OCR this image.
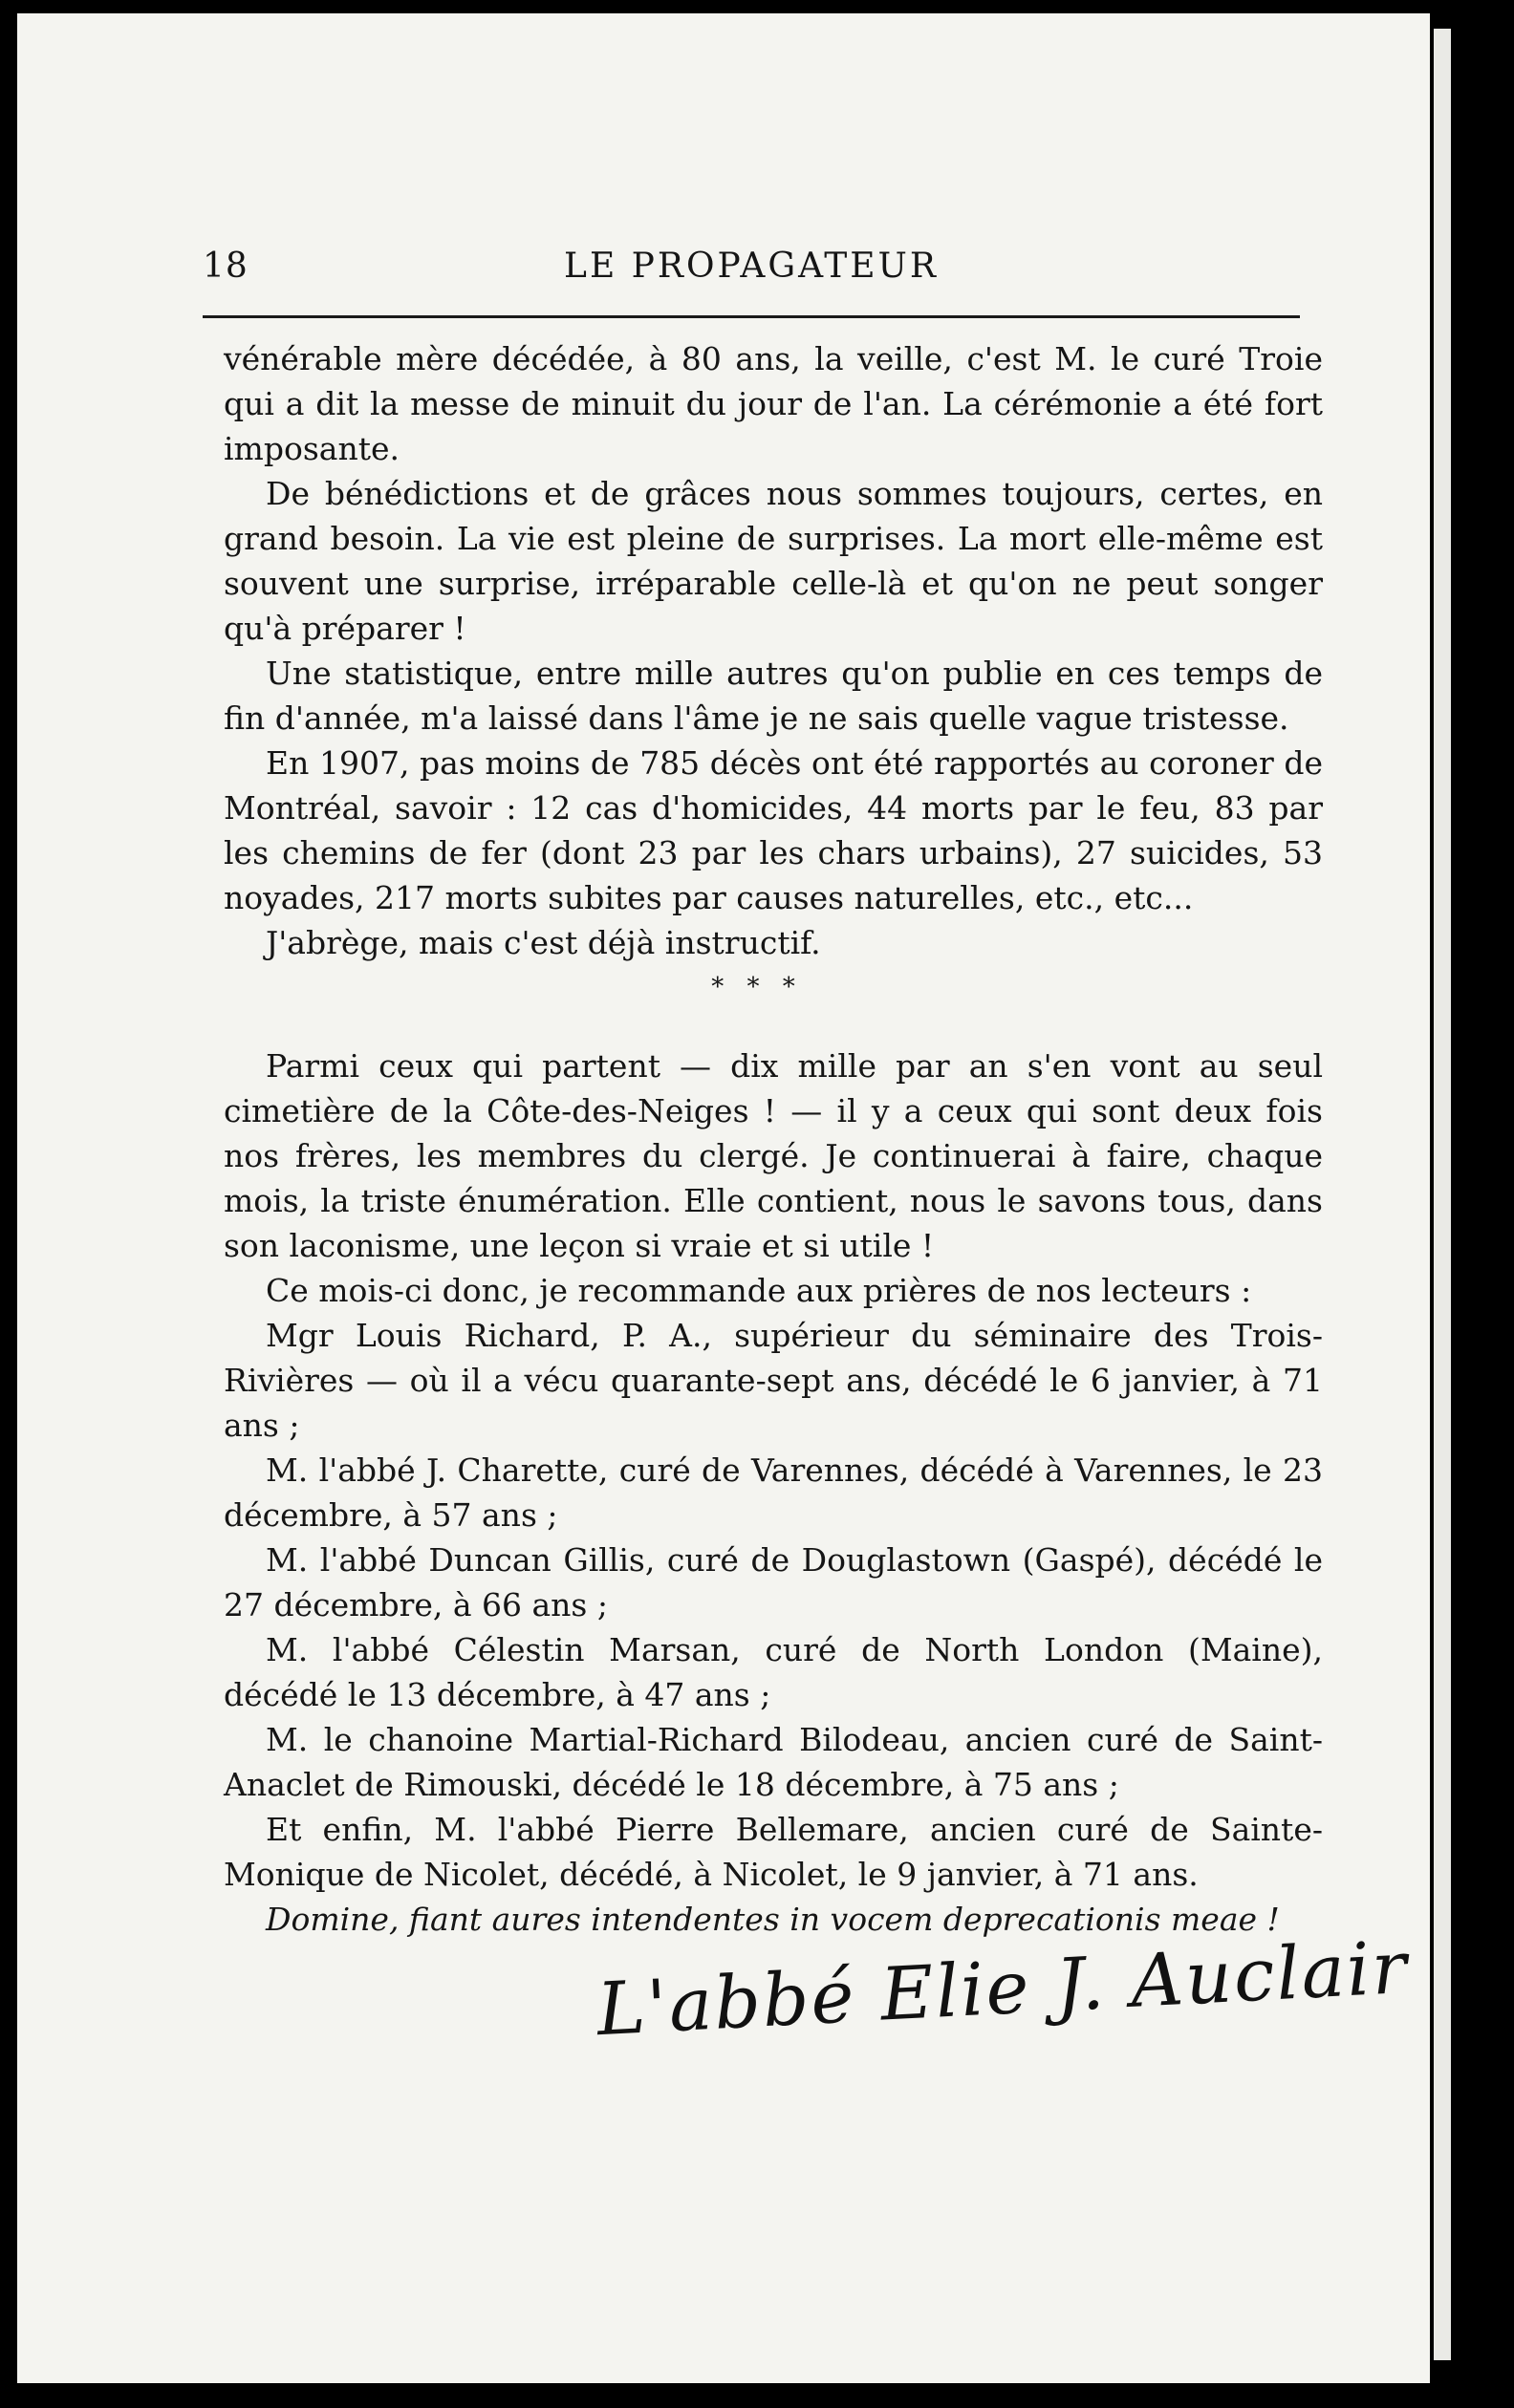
18	LE PROPAGATEUR

vénérable mère décédée, à 80 ans, la veille, c'est M. le curé Troie qui a dit la messe de minuit du jour de l'an. La cérémonie a été fort imposante.

De bénédictions et de grâces nous sommes toujours, certes, en grand besoin. La vie est pleine de surprises. La mort elle-même est souvent une surprise, irréparable celle-là et qu'on ne peut songer qu'à préparer !

Une statistique, entre mille autres qu'on publie en ces temps de fin d'année, m'a laissé dans l'âme je ne sais quelle vague tristesse.

En 1907, pas moins de 785 décès ont été rapportés au coroner de Montréal, savoir : 12 cas d'homicides, 44 morts par le feu, 83 par les chemins de fer (dont 23 par les chars urbains), 27 suicides, 53 noyades, 217 morts subites par causes naturelles, etc., etc...

J'abrège, mais c'est déjà instructif.

* * *

Parmi ceux qui partent — dix mille par an s'en vont au seul cimetière de la Côte-des-Neiges ! — il y a ceux qui sont deux fois nos frères, les membres du clergé. Je continuerai à faire, chaque mois, la triste énumération. Elle contient, nous le savons tous, dans son laconisme, une leçon si vraie et si utile !

Ce mois-ci donc, je recommande aux prières de nos lecteurs :

Mgr Louis Richard, P. A., supérieur du séminaire des Trois-Rivières — où il a vécu quarante-sept ans, décédé le 6 janvier, à 71 ans ;

M. l'abbé J. Charette, curé de Varennes, décédé à Varennes, le 23 décembre, à 57 ans ;

M. l'abbé Duncan Gillis, curé de Douglastown (Gaspé), décédé le 27 décembre, à 66 ans ;

M. l'abbé Célestin Marsan, curé de North London (Maine), décédé le 13 décembre, à 47 ans ;

M. le chanoine Martial-Richard Bilodeau, ancien curé de Saint-Anaclet de Rimouski, décédé le 18 décembre, à 75 ans ;

Et enfin, M. l'abbé Pierre Bellemare, ancien curé de Sainte-Monique de Nicolet, décédé, à Nicolet, le 9 janvier, à 71 ans.

Domine, fiant aures intendentes in vocem deprecationis meae !

L'abbé Elie J. Auclair
